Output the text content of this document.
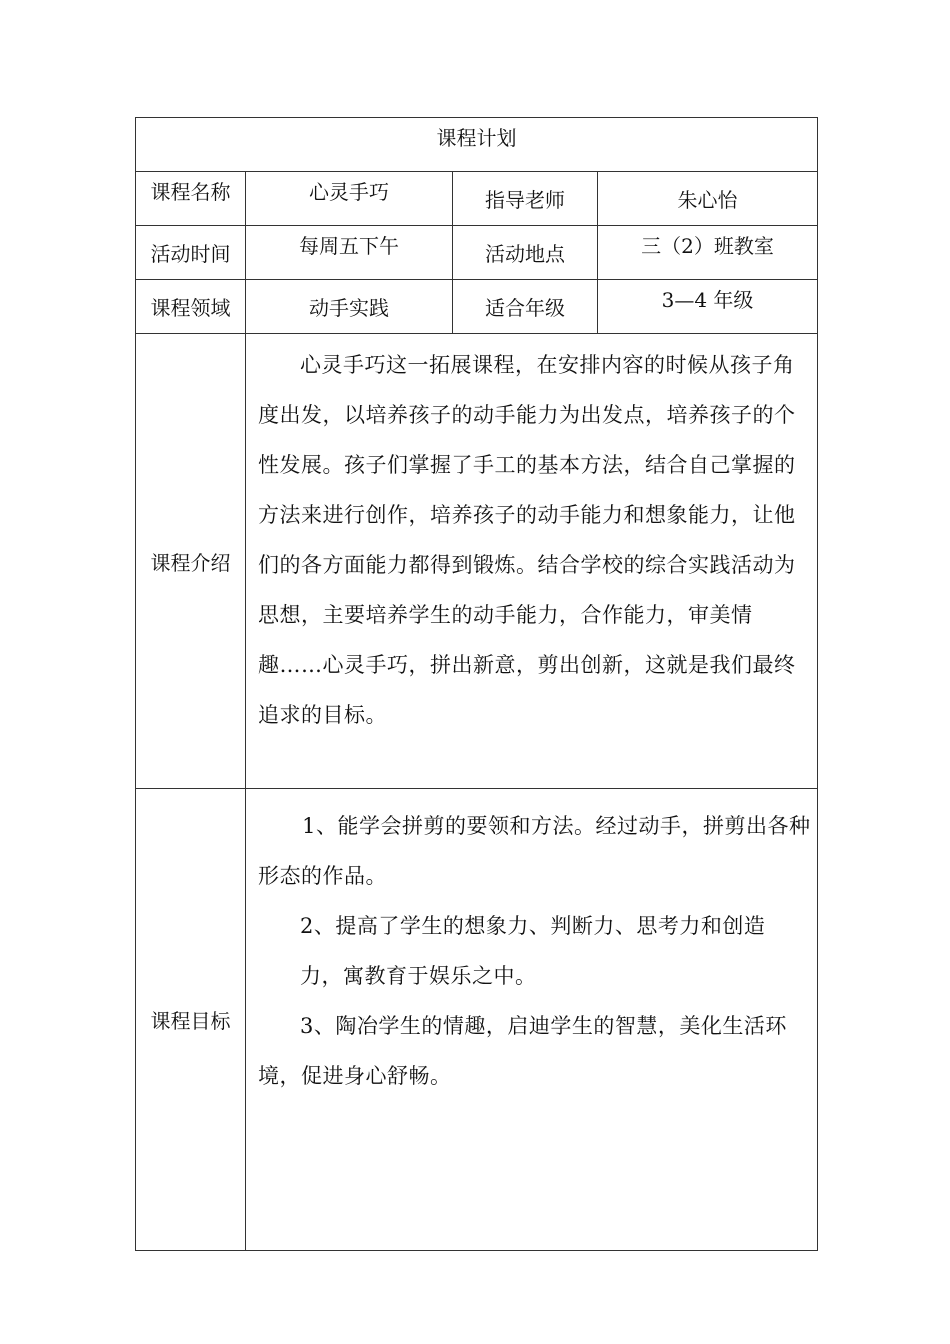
课程计划			
课程名称	心灵手巧	指导老师	朱心怡
活动时间	每周五下午	活动地点	三（2）班教室
课程领域	动手实践	适合年级	3—4 年级
课程介绍	心灵手巧这一拓展课程，在安排内容的时候从孩子角度出发，以培养孩子的动手能力为出发点，培养孩子的个性发展。孩子们掌握了手工的基本方法，结合自己掌握的方法来进行创作，培养孩子的动手能力和想象能力，让他们的各方面能力都得到锻炼。结合学校的综合实践活动为思想，主要培养学生的动手能力，合作能力，审美情趣……心灵手巧，拼出新意，剪出创新，这就是我们最终追求的目标。		

课程目标	1、能学会拼剪的要领和方法。经过动手，拼剪出各种形态的作品。

2、提高了学生的想象力、判断力、思考力和创造力，寓教育于娱乐之中。

3、陶冶学生的情趣，启迪学生的智慧，美化生活环境，促进身心舒畅。		
